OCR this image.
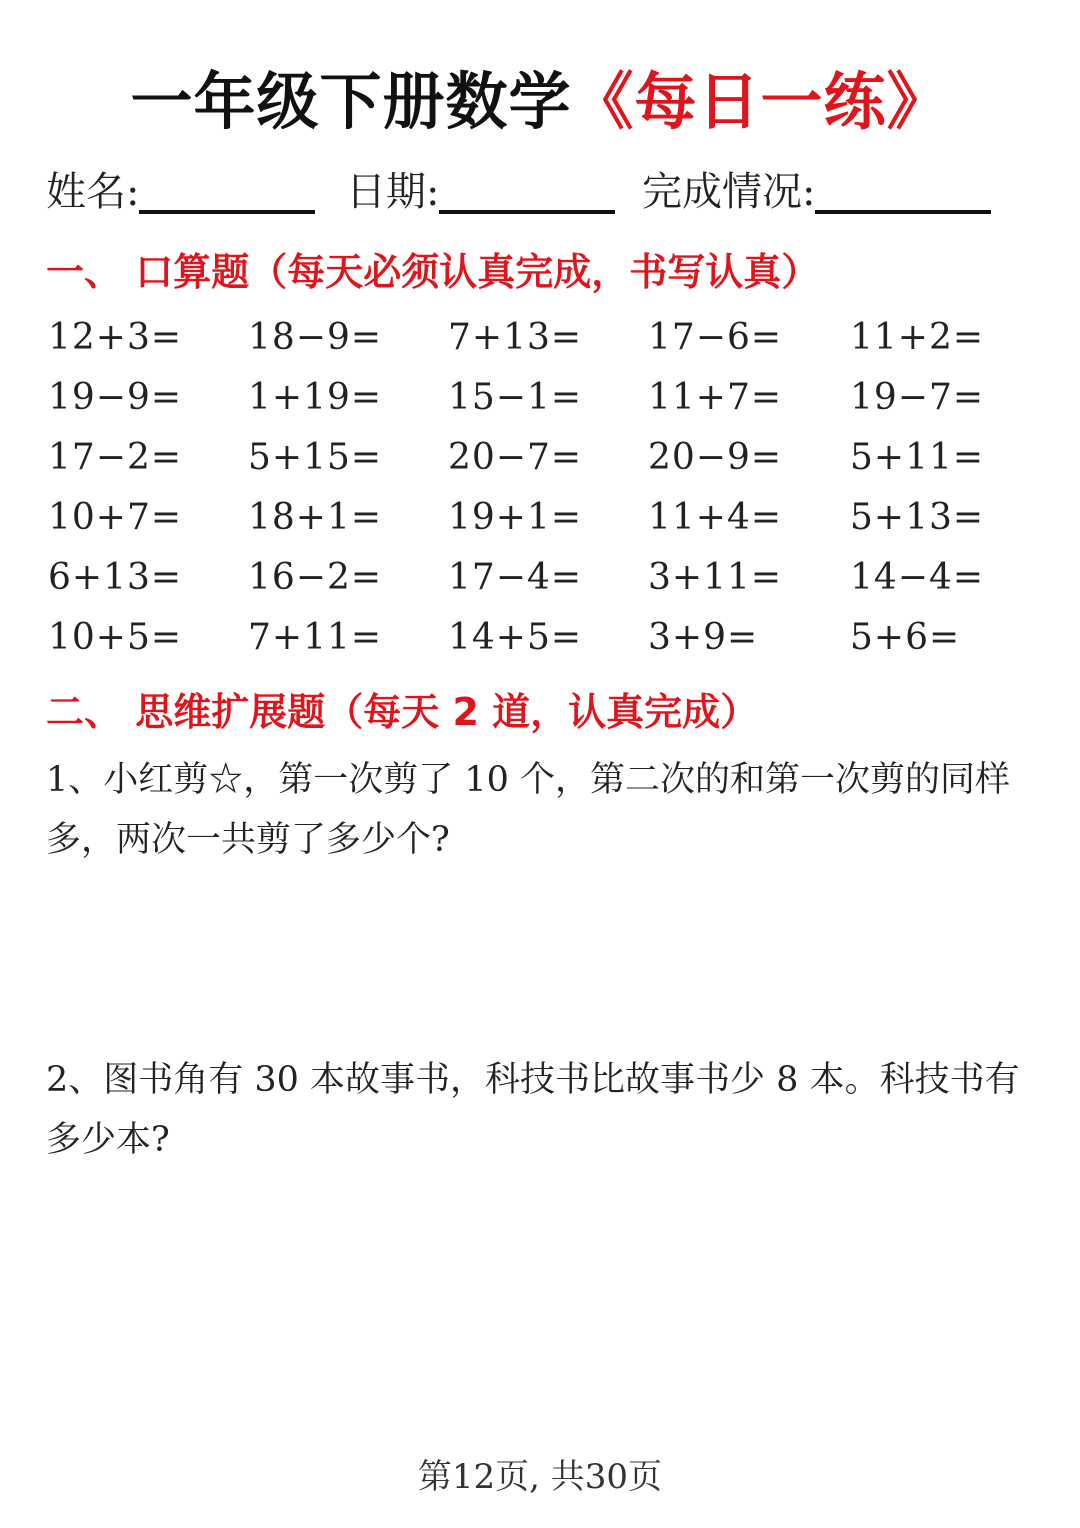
一年级下册数学《每日一练》
姓名:	日期:	完成情况:
一、 口算题（每天必须认真完成，书写认真）
12+3= 18−9= 7+13= 17−6= 11+2=
19−9= 1+19= 15−1= 11+7= 19−7=
17−2= 5+15= 20−7= 20−9= 5+11=
10+7= 18+1= 19+1= 11+4= 5+13=
6+13= 16−2= 17−4= 3+11= 14−4=
10+5= 7+11= 14+5= 3+9=	5+6=
二、 思维扩展题（每天 2 道，认真完成）
1、小红剪☆，第一次剪了 10 个，第二次的和第一次剪的同样多，两次一共剪了多少个?
2、图书角有 30 本故事书，科技书比故事书少 8 本。科技书有多少本?
第12页, 共30页
